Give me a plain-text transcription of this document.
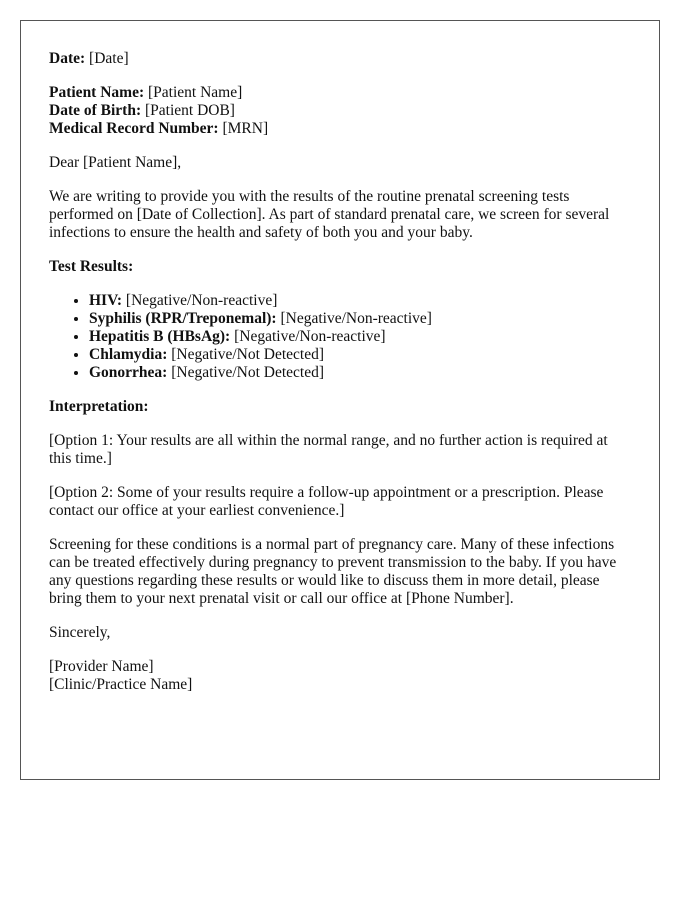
Date: [Date]
Patient Name: [Patient Name]
Date of Birth: [Patient DOB]
Medical Record Number: [MRN]

Dear [Patient Name],

We are writing to provide you with the results of the routine prenatal screening tests performed on [Date of Collection]. As part of standard prenatal care, we screen for several infections to ensure the health and safety of both you and your baby.

Test Results:

• HIV: [Negative/Non-reactive]
• Syphilis (RPR/Treponemal): [Negative/Non-reactive]
• Hepatitis B (HBsAg): [Negative/Non-reactive]
• Chlamydia: [Negative/Not Detected]
• Gonorrhea: [Negative/Not Detected]

Interpretation:

[Option 1: Your results are all within the normal range, and no further action is required at this time.]

[Option 2: Some of your results require a follow-up appointment or a prescription. Please contact our office at your earliest convenience.]

Screening for these conditions is a normal part of pregnancy care. Many of these infections can be treated effectively during pregnancy to prevent transmission to the baby. If you have any questions regarding these results or would like to discuss them in more detail, please bring them to your next prenatal visit or call our office at [Phone Number].

Sincerely,

[Provider Name]
[Clinic/Practice Name]
